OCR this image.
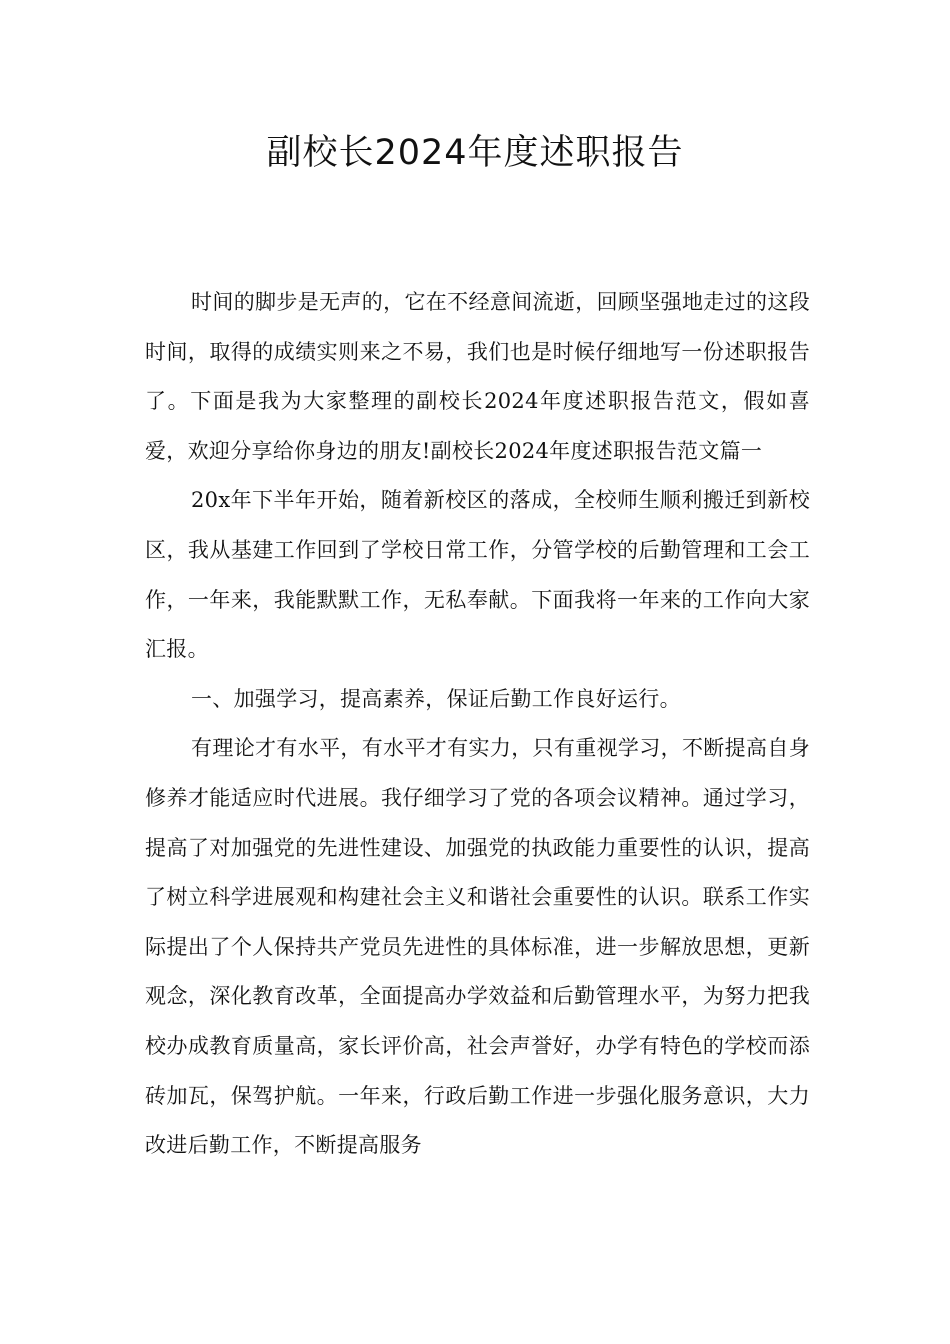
副校长2024年度述职报告

时间的脚步是无声的，它在不经意间流逝，回顾坚强地走过的这段时间，取得的成绩实则来之不易，我们也是时候仔细地写一份述职报告了。下面是我为大家整理的副校长2024年度述职报告范文，假如喜爱，欢迎分享给你身边的朋友!副校长2024年度述职报告范文篇一

20x年下半年开始，随着新校区的落成，全校师生顺利搬迁到新校区，我从基建工作回到了学校日常工作，分管学校的后勤管理和工会工作，一年来，我能默默工作，无私奉献。下面我将一年来的工作向大家汇报。

一、加强学习，提高素养，保证后勤工作良好运行。

有理论才有水平，有水平才有实力，只有重视学习，不断提高自身修养才能适应时代进展。我仔细学习了党的各项会议精神。通过学习，提高了对加强党的先进性建设、加强党的执政能力重要性的认识，提高了树立科学进展观和构建社会主义和谐社会重要性的认识。联系工作实际提出了个人保持共产党员先进性的具体标准，进一步解放思想，更新观念，深化教育改革，全面提高办学效益和后勤管理水平，为努力把我校办成教育质量高，家长评价高，社会声誉好，办学有特色的学校而添砖加瓦，保驾护航。一年来，行政后勤工作进一步强化服务意识，大力改进后勤工作，不断提高服务
